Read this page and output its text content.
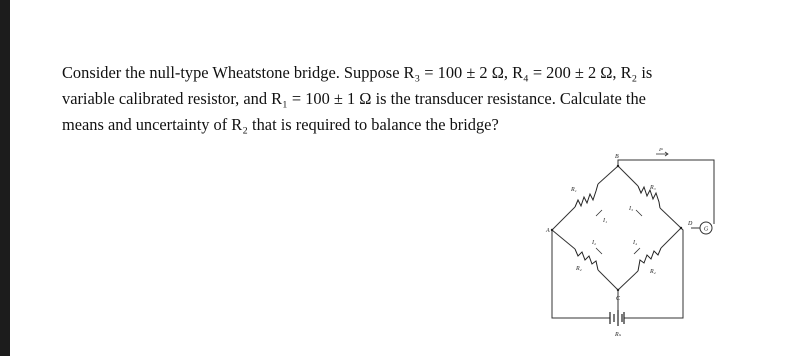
Consider the null-type Wheatstone bridge. Suppose R₃ = 100 ± 2 Ω, R₄ = 200 ± 2 Ω, R₂ is

variable calibrated resistor, and R₁ = 100 ± 1 Ω is the transducer resistance. Calculate the

means and uncertainty of R₂ that is required to balance the bridge?

G
A
B
C
D
R₁
R₂
R₃
R₄
Rₛ
I₁
I₂
I₃
I₄
Iᵍ
